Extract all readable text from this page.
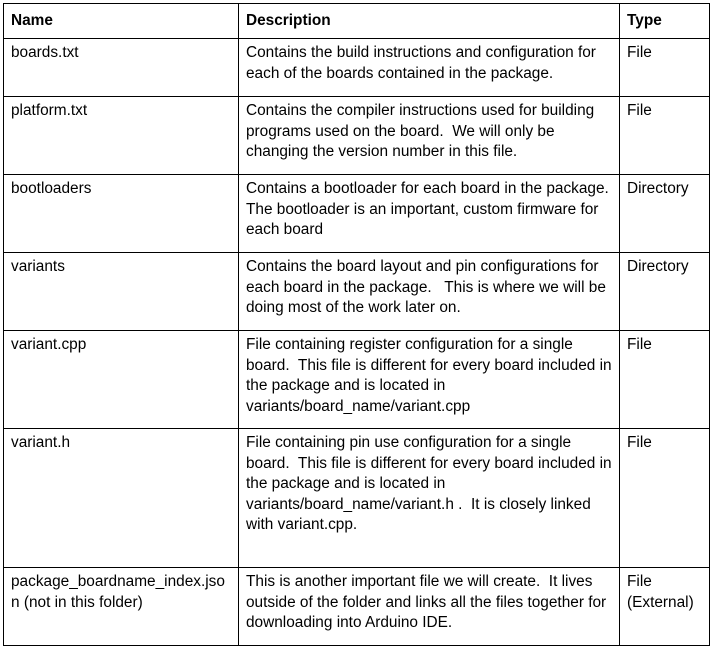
Name	Description	Type
boards.txt	Contains the build instructions and configuration for each of the boards contained in the package.	File
platform.txt	Contains the compiler instructions used for building programs used on the board.  We will only be changing the version number in this file.	File
bootloaders	Contains a bootloader for each board in the package.  The bootloader is an important, custom firmware for each board	Directory
variants	Contains the board layout and pin configurations for each board in the package.   This is where we will be doing most of the work later on.	Directory
variant.cpp	File containing register configuration for a single board.  This file is different for every board included in the package and is located in variants/board_name/variant.cpp	File
variant.h	File containing pin use configuration for a single board.  This file is different for every board included in the package and is located in variants/board_name/variant.h .  It is closely linked with variant.cpp.	File
package_boardname_index.json (not in this folder)	This is another important file we will create.  It lives outside of the folder and links all the files together for downloading into Arduino IDE.	File (External)
